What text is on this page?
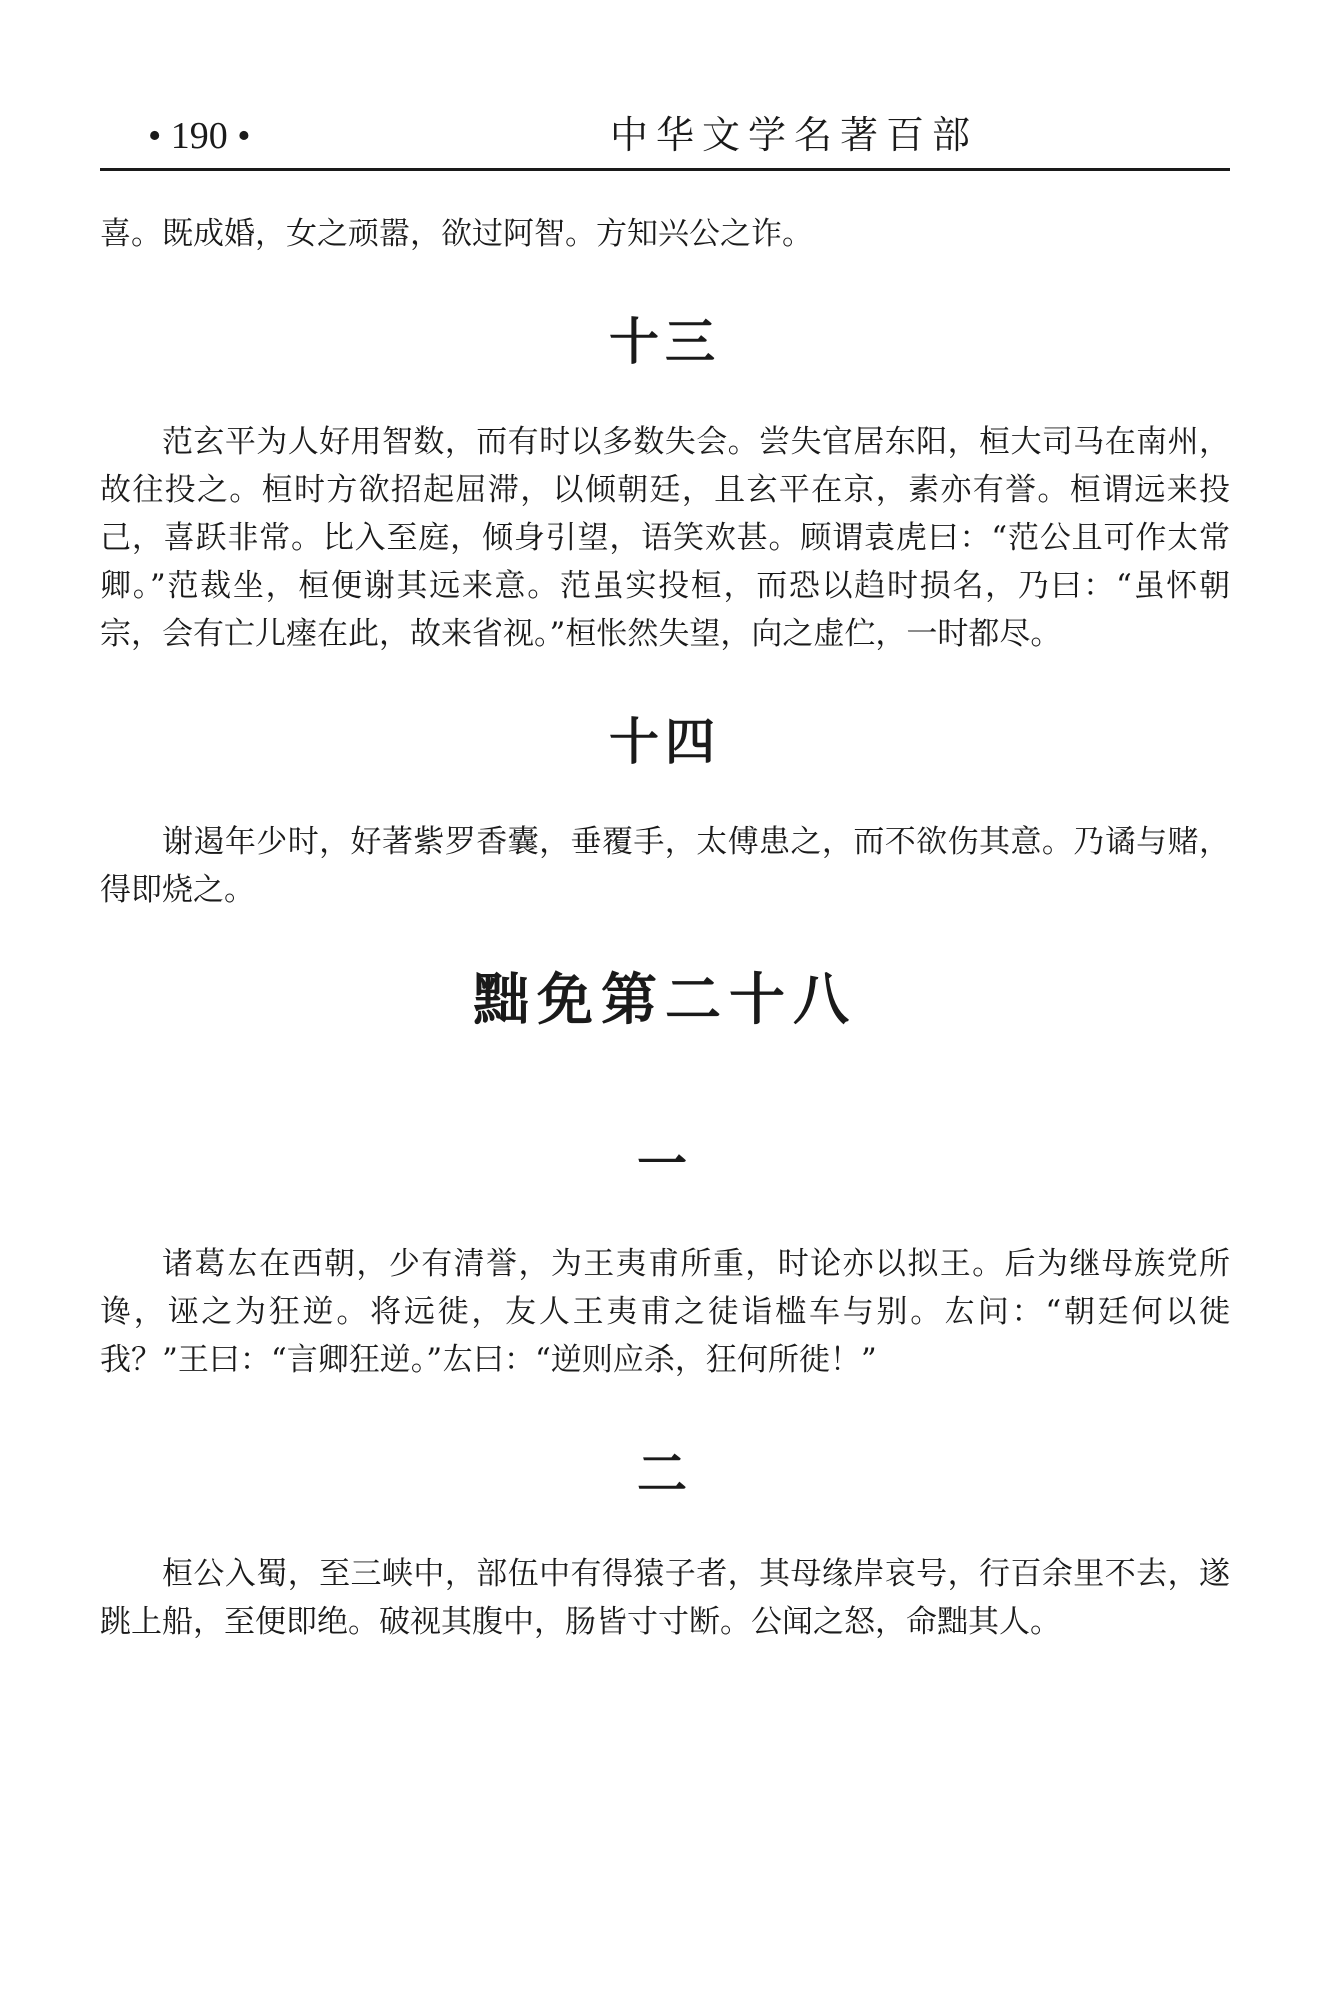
• 190 •	中华文学名著百部

喜。既成婚，女之顽嚣，欲过阿智。方知兴公之诈。

十三

范玄平为人好用智数，而有时以多数失会。尝失官居东阳，桓大司马在南州，故往投之。桓时方欲招起屈滞，以倾朝廷，且玄平在京，素亦有誉。桓谓远来投己，喜跃非常。比入至庭，倾身引望，语笑欢甚。顾谓袁虎曰：“范公且可作太常卿。”范裁坐，桓便谢其远来意。范虽实投桓，而恐以趋时损名，乃曰：“虽怀朝宗，会有亡儿瘗在此，故来省视。”桓怅然失望，向之虚伫，一时都尽。

十四

谢遏年少时，好著紫罗香囊，垂覆手，太傅患之，而不欲伤其意。乃谲与赌，得即烧之。

黜免第二十八
一

诸葛厷在西朝，少有清誉，为王夷甫所重，时论亦以拟王。后为继母族党所谗，诬之为狂逆。将远徙，友人王夷甫之徒诣槛车与别。厷问：“朝廷何以徙我？”王曰：“言卿狂逆。”厷曰：“逆则应杀，狂何所徙！”

二

桓公入蜀，至三峡中，部伍中有得猿子者，其母缘岸哀号，行百余里不去，遂跳上船，至便即绝。破视其腹中，肠皆寸寸断。公闻之怒，命黜其人。
